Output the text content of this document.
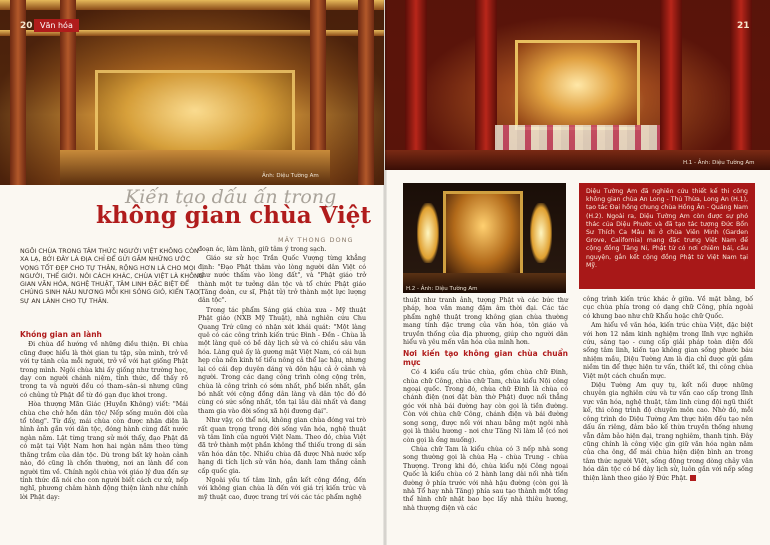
Ảnh: Diệu Tường Am
20 Văn hóa
Kiến tạo dấu ấn trong
không gian chùa Việt
MÂY THONG DONG
NGÔI CHÙA TRONG TÂM THỨC NGƯỜI VIỆT KHÔNG CÒN XA LẠ, BỞI ĐÂY LÀ ĐỊA CHỈ ĐỂ GỬI GẮM NHỮNG ƯỚC VỌNG TỐT ĐẸP CHO TỰ THÂN, RỘNG HƠN LÀ CHO MỌI NGƯỜI, THẾ GIỚI. NÓI CÁCH KHÁC, CHÙA VIỆT LÀ KHÔNG GIAN VĂN HÓA, NGHỆ THUẬT, TÂM LINH ĐẶC BIỆT ĐỂ CHÚNG SINH NÂU NƯƠNG MỖI KHI SÓNG GIÓ, KIẾN TẠO SỰ AN LÀNH CHO TỰ THÂN.
Khóng gian an lành

Đi chùa để hướng về những điều thiện. Đi chùa cũng được hiểu là thời gian tu tập, sửa mình, trở về với tự tánh của mỗi người, trở về với hạt giống Phật trong mình. Ngôi chùa khi ấy giống như trường học, dạy con người chánh niệm, tỉnh thức, để thấy rõ trong ta và người đều có tham–sân–si nhưng cũng có chủng tử Phật để từ đó gạn đục khơi trong.

Hòa thượng Mãn Giác (Huyền Không) viết: "Mái chùa che chở hồn dân tộc/ Nếp sống muôn đời của tổ tông". Từ đấy, mái chùa còn được nhận diện là hình ảnh gắn với dân tộc, đóng hành cùng đất nước ngàn năm. Lật từng trang sử mới thấy, đạo Phật đã có mặt tại Việt Nam hơn hai ngàn năm theo từng thăng trầm của dân tộc. Dù trong bất kỳ hoàn cảnh nào, đó cũng là chốn thường, nơi an lành để con người tìm về. Chính ngôi chùa với giáo lý đưa đến sự tỉnh thức đã nói cho con người biết cách cư xử, nếp nghĩ, phương châm hành động thiện lành như chính lời Phật dạy:

đoạn ác, làm lành, giữ tâm ý trong sạch.

Giáo sư sử học Trần Quốc Vượng từng khẳng định: "Đạo Phật thâm vào lòng người dân Việt có như nước thấm vào lòng đất", và "Phật giáo trở thành một tư tưởng dân tộc và tổ chức Phật giáo (Tăng đoàn, cư sĩ, Phật tử) trở thành một lực lượng dân tộc".

Trong tác phẩm Sáng giá chùa xưa - Mỹ thuật Phật giáo (NXB Mỹ Thuật), nhà nghiên cứu Chu Quang Trứ cũng có nhận xét khái quát: "Một làng quê có các công trình kiến trúc Đình - Đền - Chùa là một làng quê có bề dày lịch sử và có chiều sâu văn hóa. Làng quê ấy là gương mặt Việt Nam, có cái hụn hẹp của nền kinh tế tiểu nông cả thể lạc hậu, nhưng lại có cái đẹp duyên dáng và đôn hậu cả ở cảnh và người. Trong các dạng công trình công cộng trên, chùa là công trình có sớm nhất, phổ biến nhất, gắn bó nhất với cộng đồng dân làng và dân tộc đó đó cùng có sức sống nhất, tồn tại lâu dài nhất và đang tham gia vào đời sống xã hội đương đại".

Như vậy, có thể nói, không gian chùa đóng vai trò rất quan trọng trong đời sống văn hóa, nghệ thuật và tâm linh của người Việt Nam. Theo đó, chùa Việt đã trở thành một phần không thể thiếu trong di sản văn hóa dân tộc. Nhiều chùa đã được Nhà nước xếp hạng di tích lịch sử văn hóa, danh lam thắng cảnh cấp quốc gia.

Ngoài yếu tố tâm linh, gắn kết cộng đồng, đến với không gian chùa là đến với giá trị kiến trúc và mỹ thuật cao, được trang trí với các tác phẩm nghệ

H.1 - Ảnh: Diệu Tường Am
21
H.2 - Ảnh: Diệu Tường Am
Diệu Tường Am đã nghiên cứu thiết kế thi công không gian chùa An Long - Thủ Thừa, Long An (H.1), tạo tác Đại hồng chung chùa Hồng Ân - Quảng Nam (H.2). Ngoài ra, Diệu Tường Am còn được sự phó thác của Diệu Phước và đã tạo tác tượng Đức Bổn Sư Thích Ca Mâu Ni ở chùa Viên Minh (Garden Grove, California) mang đặc trưng Việt Nam để cộng đồng Tăng Ni, Phật tử có nơi chiêm bái, cầu nguyện, gắn kết cộng đồng Phật tử Việt Nam tại Mỹ.

thuật như tranh ảnh, tượng Phật và các bức thư pháp, hoa văn mang đậm âm thời đại. Các tác phẩm nghệ thuật trong không gian chùa thường mang tính đặc trưng của văn hóa, tôn giáo và truyền thống của địa phương, giúp cho người dân hiểu và yêu mến văn hóa của mình hơn.

Nơi kiến tạo không gian chùa chuẩn mực

Có 4 kiểu cấu trúc chùa, gồm chùa chữ Đinh, chùa chữ Công, chùa chữ Tam, chùa kiểu Nội công ngoại quốc. Trong đó, chùa chữ Đinh là chùa có chánh điện (nơi đặt bàn thờ Phật) được nối thẳng góc với nhà bái đường hay còn gọi là tiền đường. Còn với chùa chữ Công, chánh điện và bái đường song song, được nối với nhau bằng một ngôi nhà gọi là thiêu hương - nơi chư Tăng Ni làm lễ (có nơi còn gọi là ống muống).

Chùa chữ Tam là kiểu chùa có 3 nếp nhà song song thường gọi là chùa Hạ - chùa Trung - chùa Thượng. Trong khi đó, chùa kiểu nội Công ngoại Quốc là kiểu chùa có 2 hành lang dài nối nhà tiền đường ở phía trước với nhà hậu đường (còn gọi là nhà Tổ hay nhà Tăng) phía sau tạo thành một tổng thể hình chữ nhật bao bọc lấy nhà thiêu hương, nhà thượng điện và các

công trình kiến trúc khác ở giữa. Về mặt bằng, bố cục chùa phía trong có dạng chữ Công, phía ngoài có khung bao như chữ Khẩu hoặc chữ Quốc.

Am hiểu về văn hóa, kiến trúc chùa Việt, đặc biệt với hơn 12 năm kinh nghiệm trong lĩnh vực nghiên cứu, sáng tạo - cung cấp giải pháp toàn diện đối sống tâm linh, kiến tạo không gian sống phước báu nhiệm mầu, Diệu Tường Am là địa chỉ được gửi gắm niềm tin để thực hiện tư vấn, thiết kế, thi công chùa Việt một cách chuẩn mực.

Diệu Tường Am quy tụ, kết nối được những chuyên gia nghiên cứu và tư vấn cao cấp trong lĩnh vực văn hóa, nghệ thuật, tâm linh cùng đội ngũ thiết kế, thi công trình độ chuyên môn cao. Nhờ đó, mỗi công trình do Diệu Tường Am thực hiện đều tạo nên dấu ấn riêng, đảm bảo kế thừa truyền thống nhưng vẫn đảm bảo hiện đại, trang nghiêm, thanh tịnh. Đây cũng chính là công việc gìn giữ văn hóa ngàn năm của cha ông, để mái chùa hiện diện bình an trong tâm thức người Việt, sống động trong dòng chảy văn hóa dân tộc có bề dày lịch sử, luôn gắn với nếp sống thiện lành theo giáo lý Đức Phật.
